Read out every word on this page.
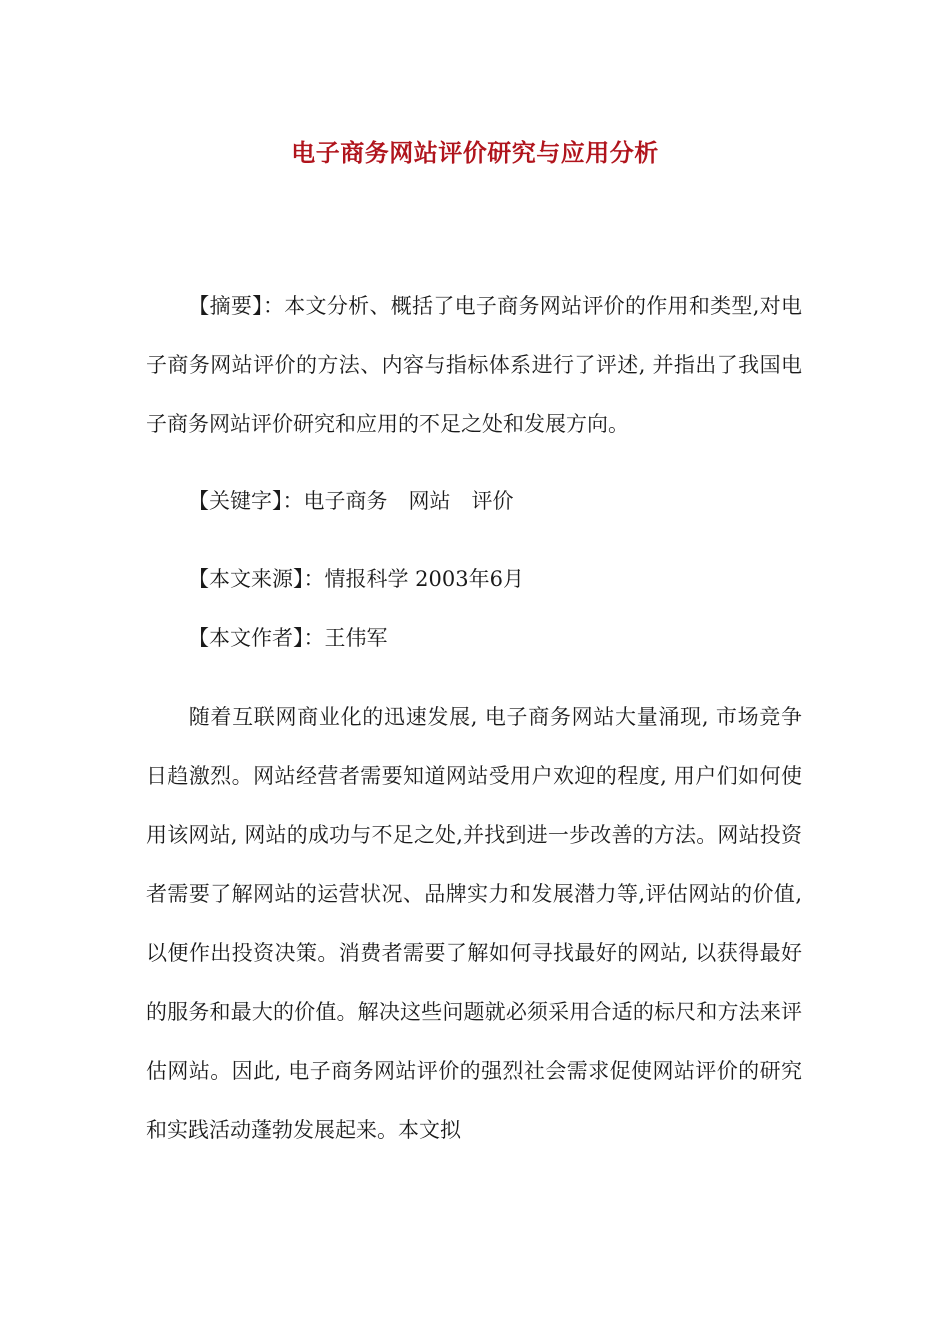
电子商务网站评价研究与应用分析

【摘要】：本文分析、概括了电子商务网站评价的作用和类型,对电子商务网站评价的方法、内容与指标体系进行了评述, 并指出了我国电子商务网站评价研究和应用的不足之处和发展方向。

【关键字】：电子商务　网站　评价

【本文来源】：情报科学 2003年6月

【本文作者】：王伟军

随着互联网商业化的迅速发展, 电子商务网站大量涌现, 市场竞争日趋激烈。网站经营者需要知道网站受用户欢迎的程度, 用户们如何使用该网站, 网站的成功与不足之处,并找到进一步改善的方法。网站投资者需要了解网站的运营状况、品牌实力和发展潜力等,评估网站的价值, 以便作出投资决策。消费者需要了解如何寻找最好的网站, 以获得最好的服务和最大的价值。解决这些问题就必须采用合适的标尺和方法来评估网站。因此, 电子商务网站评价的强烈社会需求促使网站评价的研究和实践活动蓬勃发展起来。本文拟
